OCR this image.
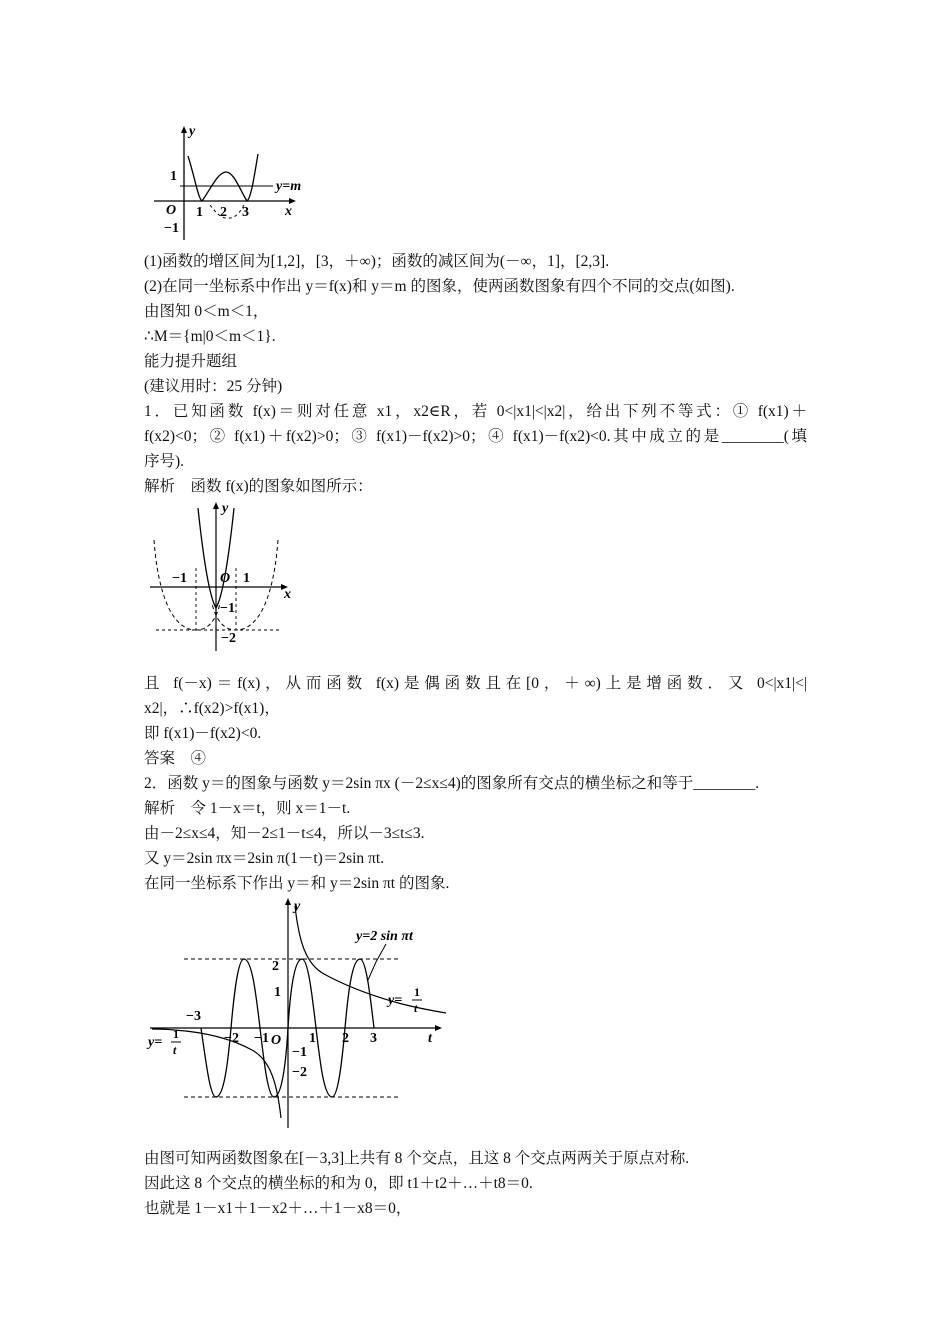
y
x
O 1 2 3
1
−1
y=m
(1)函数的增区间为[1,2]，[3，＋∞)；函数的减区间为(－∞，1]，[2,3].
(2)在同一坐标系中作出 y＝f(x)和 y＝m 的图象，使两函数图象有四个不同的交点(如图).
由图知 0＜m＜1，
∴M＝{m|0＜m＜1}.
能力提升题组
(建议用时：25 分钟)
1．已知函数 f(x)＝则对任意 x1，x2∈R，若 0<|x1|<|x2|，给出下列不等式：① f(x1)＋
f(x2)<0；② f(x1)＋f(x2)>0；③ f(x1)－f(x2)>0；④ f(x1)－f(x2)<0.其中成立的是________(填
序号).
解析　函数 f(x)的图象如图所示：
y
x
O
−1	1
−1
−2
且 f(－x)＝f(x)，从而函数 f(x)是偶函数且在[0，＋∞)上是增函数．又 0<|x1|<|
x2|，∴f(x2)>f(x1)，
即 f(x1)－f(x2)<0.
答案　④
2．函数 y＝的图象与函数 y＝2sin πx (－2≤x≤4)的图象所有交点的横坐标之和等于________.
解析　令 1－x＝t，则 x＝1－t.
由－2≤x≤4，知－2≤1－t≤4，所以－3≤t≤3.
又 y＝2sin πx＝2sin π(1－t)＝2sin πt.
在同一坐标系下作出 y＝和 y＝2sin πt 的图象.
y
t
O
y=2 sin πt
y=
1
t
y=
1
t
−3
−2 −1	1 2 3
2
1
−1
−2
由图可知两函数图象在[－3,3]上共有 8 个交点，且这 8 个交点两两关于原点对称.
因此这 8 个交点的横坐标的和为 0，即 t1＋t2＋…＋t8＝0.
也就是 1－x1＋1－x2＋…＋1－x8＝0，
